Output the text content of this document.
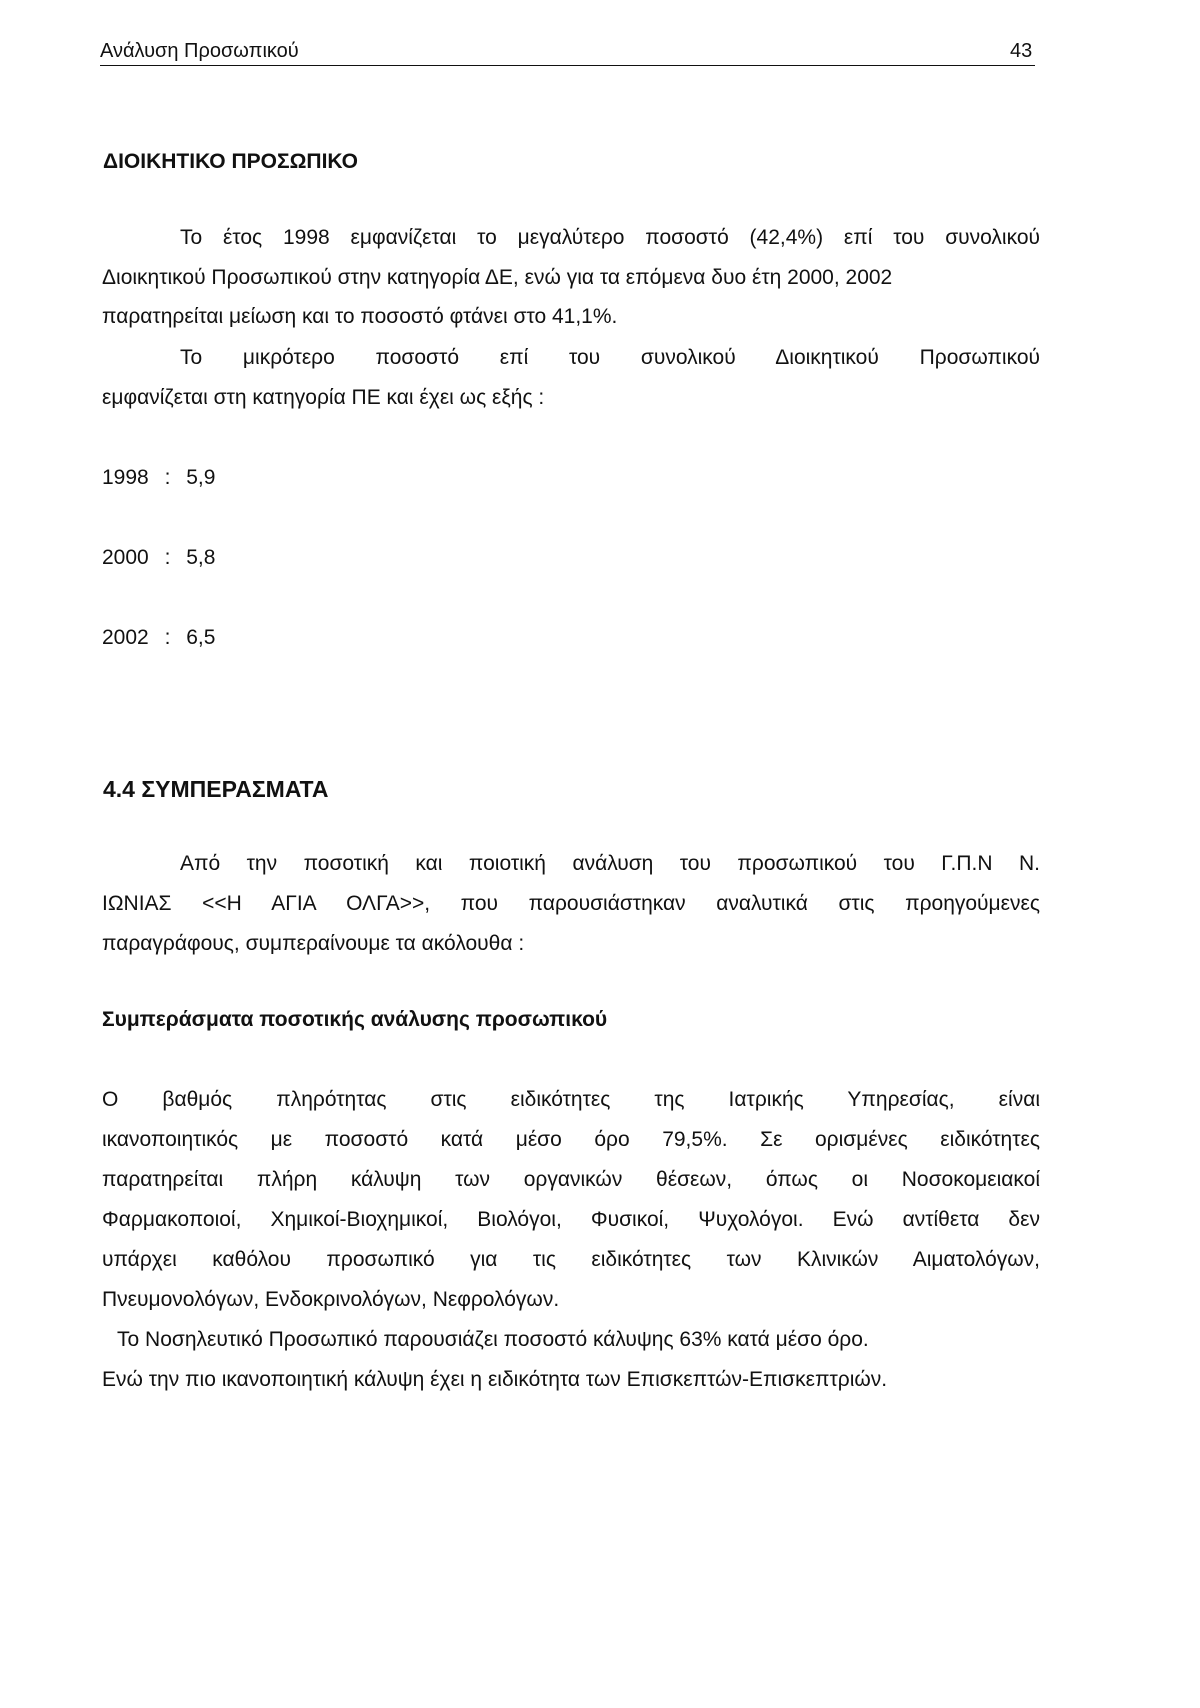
Ανάλυση Προσωπικού	43
ΔΙΟΙΚΗΤΙΚΟ ΠΡΟΣΩΠΙΚΟ
Το έτος 1998 εμφανίζεται το μεγαλύτερο ποσοστό (42,4%) επί του συνολικού
Διοικητικού Προσωπικού στην κατηγορία ΔΕ, ενώ για τα επόμενα δυο έτη 2000, 2002
παρατηρείται μείωση και το ποσοστό φτάνει στο 41,1%.
Το μικρότερο ποσοστό επί του συνολικού Διοικητικού Προσωπικού
εμφανίζεται στη κατηγορία ΠΕ και έχει ως εξής :
1998 : 5,9
2000 : 5,8
2002 : 6,5
4.4 ΣΥΜΠΕΡΑΣΜΑΤΑ
Από την ποσοτική και ποιοτική ανάλυση του προσωπικού του Γ.Π.Ν Ν.
ΙΩΝΙΑΣ <<Η ΑΓΙΑ ΟΛΓΑ>>, που παρουσιάστηκαν αναλυτικά στις προηγούμενες
παραγράφους, συμπεραίνουμε τα ακόλουθα :
Συμπεράσματα ποσοτικής ανάλυσης προσωπικού
Ο βαθμός πληρότητας στις ειδικότητες της Ιατρικής Υπηρεσίας, είναι
ικανοποιητικός με ποσοστό κατά μέσο όρο 79,5%. Σε ορισμένες ειδικότητες
παρατηρείται πλήρη κάλυψη των οργανικών θέσεων, όπως οι Νοσοκομειακοί
Φαρμακοποιοί, Χημικοί-Βιοχημικοί, Βιολόγοι, Φυσικοί, Ψυχολόγοι. Ενώ αντίθετα δεν
υπάρχει καθόλου προσωπικό για τις ειδικότητες των Κλινικών Αιματολόγων,
Πνευμονολόγων, Ενδοκρινολόγων, Νεφρολόγων.
Το Νοσηλευτικό Προσωπικό παρουσιάζει ποσοστό κάλυψης 63% κατά μέσο όρο.
Ενώ την πιο ικανοποιητική κάλυψη έχει η ειδικότητα των Επισκεπτών-Επισκεπτριών.
